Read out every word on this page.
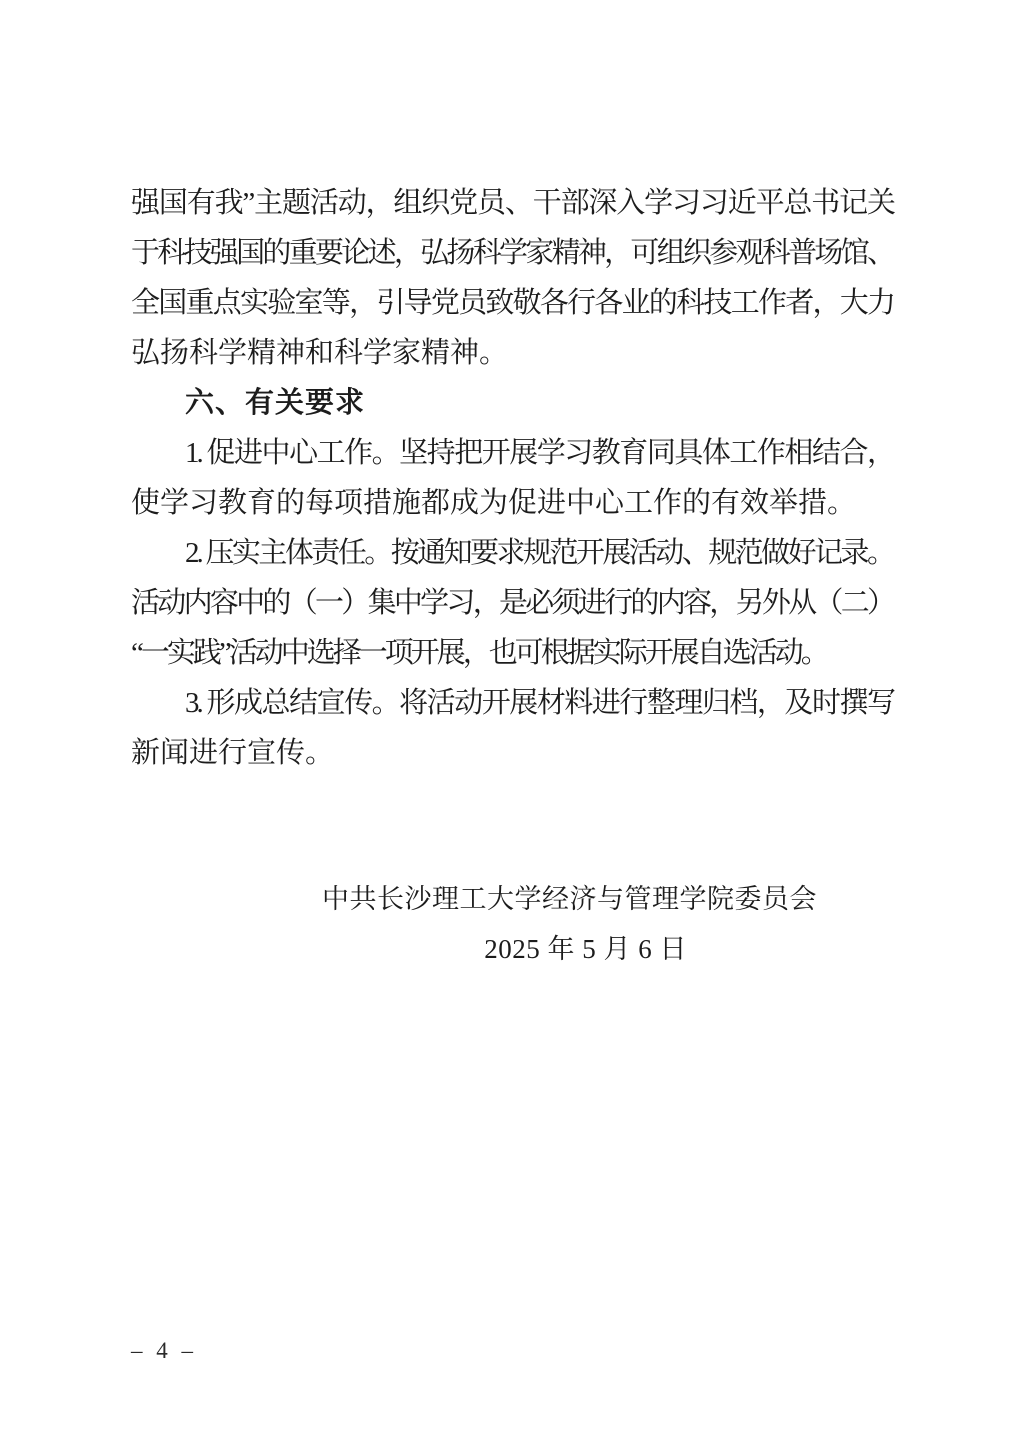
强国有我”主题活动，组织党员、干部深入学习习近平总书记关
于科技强国的重要论述，弘扬科学家精神，可组织参观科普场馆、
全国重点实验室等，引导党员致敬各行各业的科技工作者，大力
弘扬科学精神和科学家精神。
六、有关要求
1. 促进中心工作。坚持把开展学习教育同具体工作相结合，
使学习教育的每项措施都成为促进中心工作的有效举措。
2. 压实主体责任。按通知要求规范开展活动、规范做好记录。
活动内容中的（一）集中学习，是必须进行的内容，另外从（二）
“一实践”活动中选择一项开展，也可根据实际开展自选活动。
3. 形成总结宣传。将活动开展材料进行整理归档，及时撰写
新闻进行宣传。
中共长沙理工大学经济与管理学院委员会
2025 年 5 月 6 日
– 4 –
